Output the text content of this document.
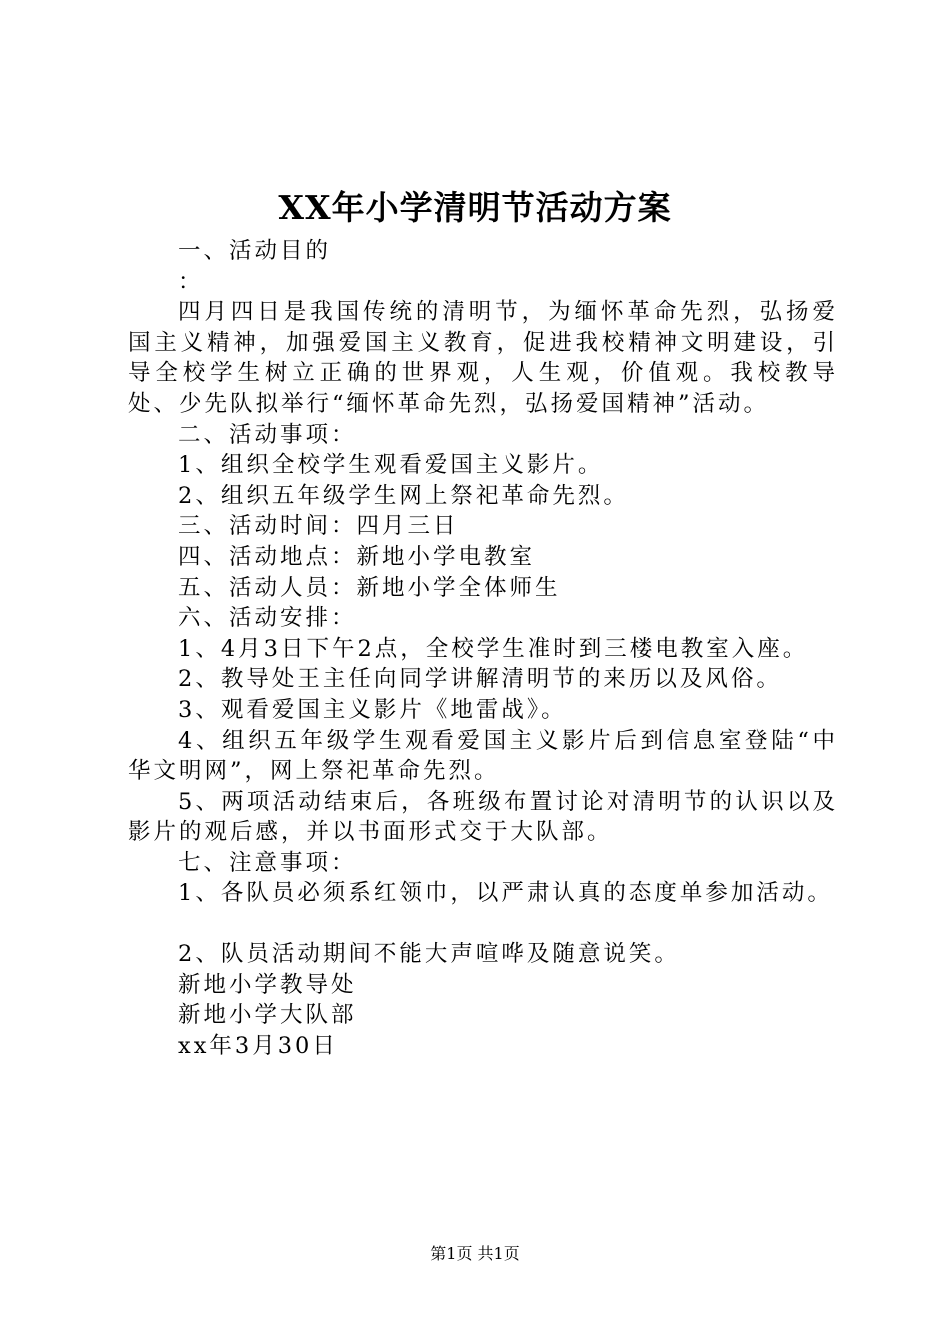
XX年小学清明节活动方案

一、活动目的

：

四月四日是我国传统的清明节，为缅怀革命先烈，弘扬爱国主义精神，加强爱国主义教育，促进我校精神文明建设，引导全校学生树立正确的世界观，人生观，价值观。我校教导处、少先队拟举行“缅怀革命先烈，弘扬爱国精神”活动。

二、活动事项：

1、组织全校学生观看爱国主义影片。

2、组织五年级学生网上祭祀革命先烈。

三、活动时间：四月三日

四、活动地点：新地小学电教室

五、活动人员：新地小学全体师生

六、活动安排：

1、4月3日下午2点，全校学生准时到三楼电教室入座。

2、教导处王主任向同学讲解清明节的来历以及风俗。

3、观看爱国主义影片《地雷战》。

4、组织五年级学生观看爱国主义影片后到信息室登陆“中华文明网”，网上祭祀革命先烈。

5、两项活动结束后，各班级布置讨论对清明节的认识以及影片的观后感，并以书面形式交于大队部。

七、注意事项：

1、各队员必须系红领巾，以严肃认真的态度单参加活动。

2、队员活动期间不能大声喧哗及随意说笑。

新地小学教导处

新地小学大队部

xx年3月30日

第1页 共1页
